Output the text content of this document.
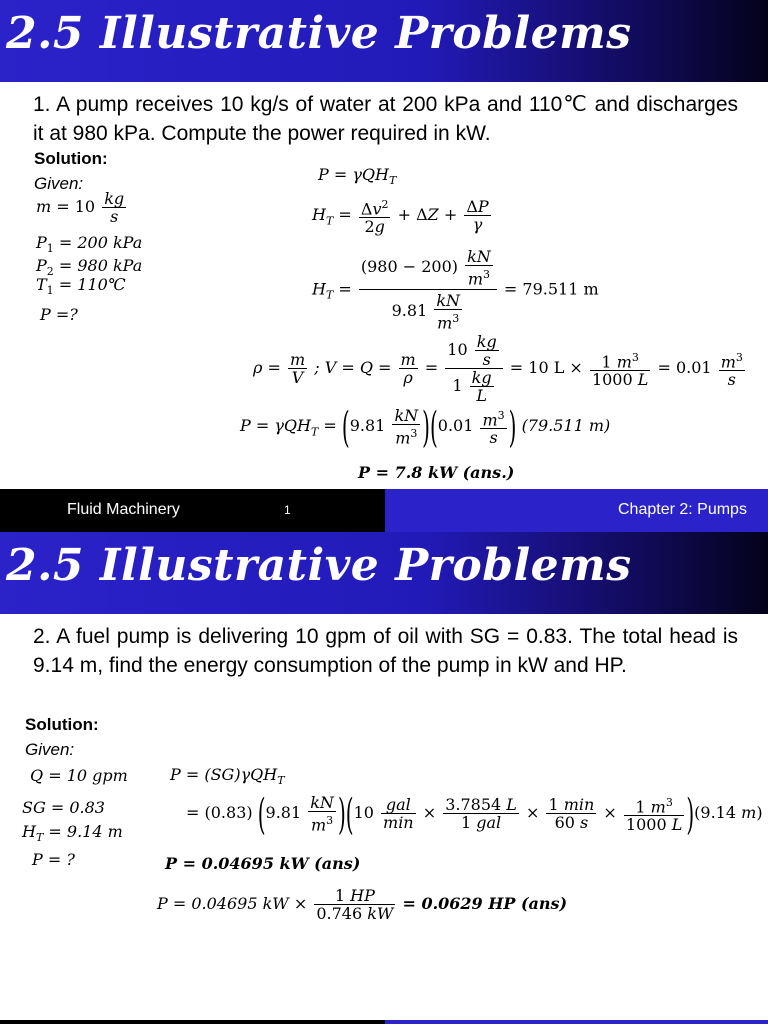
2.5 Illustrative Problems
1. A pump receives 10 kg/s of water at 200 kPa and 110℃ and discharges it at 980 kPa. Compute the power required in kW.
Solution:
Given:
$m = 10 \frac{kg}{s}$
$P_1 = 200$ kPa
$P_2 = 980$ kPa
$T_1$ = 110℃
P =?
P = γQH$_T$
$H_T = \frac{\Delta v^2}{2g} + \Delta Z + \frac{\Delta P}{\gamma}$
$H_T = \frac{(980 - 200) \frac{kN}{m^3}}{9.81 \frac{kN}{m^3}} = 79.511$ m
$\rho = \frac{m}{V}$ ; $V = Q = \frac{m}{\rho} = \frac{10 \frac{kg}{s}}{1 \frac{kg}{L}} = 10$ $L \times \frac{1 m^3}{1000 L} = 0.01 \frac{m^3}{s}$
$P = \gamma QH_T = (9.81 \frac{kN}{m^3} )(0.01 \frac{m^3}{s}$ ) (79.511 m)
P = 7.8 kW (ans.)
Fluid Machinery	1	Chapter 2: Pumps
2.5 Illustrative Problems
2. A fuel pump is delivering 10 gpm of oil with SG = 0.83. The total head is 9.14 m, find the energy consumption of the pump in kW and HP.
Solution:
Given:
Q = 10 gpm
SG = 0.83
$H_T = 9.14$ m
P = ?
P = (SG)γQH$_T$
= (0.83) $(9.81 \frac{kN}{m^3} )(10 \frac{\text{gal}}{\min} \times \frac{3.7854 L}{\text{1 gal}} \times \frac{1 \min}{60 s} \times \frac{1 m^3}{1000 L} )(9.14$ m)
P = 0.04695 kW (ans)
P = 0.04695 kW × $\frac{1 HP}{0.746 kW} = 0.0629$ HP (ans)
